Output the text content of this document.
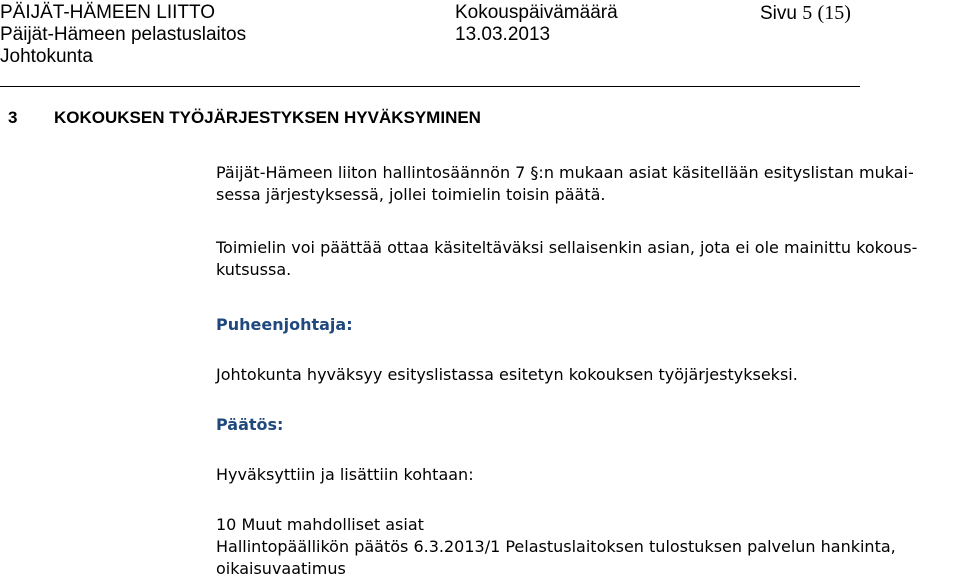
PÄIJÄT-HÄMEEN LIITTO
Päijät-Hämeen pelastuslaitos
Johtokunta
Kokouspäivämäärä
13.03.2013
Sivu 5 (15)
3 KOKOUKSEN TYÖJÄRJESTYKSEN HYVÄKSYMINEN
Päijät-Hämeen liiton hallintosäännön 7 §:n mukaan asiat käsitellään esityslistan mukai-
sessa järjestyksessä, jollei toimielin toisin päätä.
Toimielin voi päättää ottaa käsiteltäväksi sellaisenkin asian, jota ei ole mainittu kokous-
kutsussa.
Puheenjohtaja:
Johtokunta hyväksyy esityslistassa esitetyn kokouksen työjärjestykseksi.
Päätös:
Hyväksyttiin ja lisättiin kohtaan:
10 Muut mahdolliset asiat
Hallintopäällikön päätös 6.3.2013/1 Pelastuslaitoksen tulostuksen palvelun hankinta,
oikaisuvaatimus
